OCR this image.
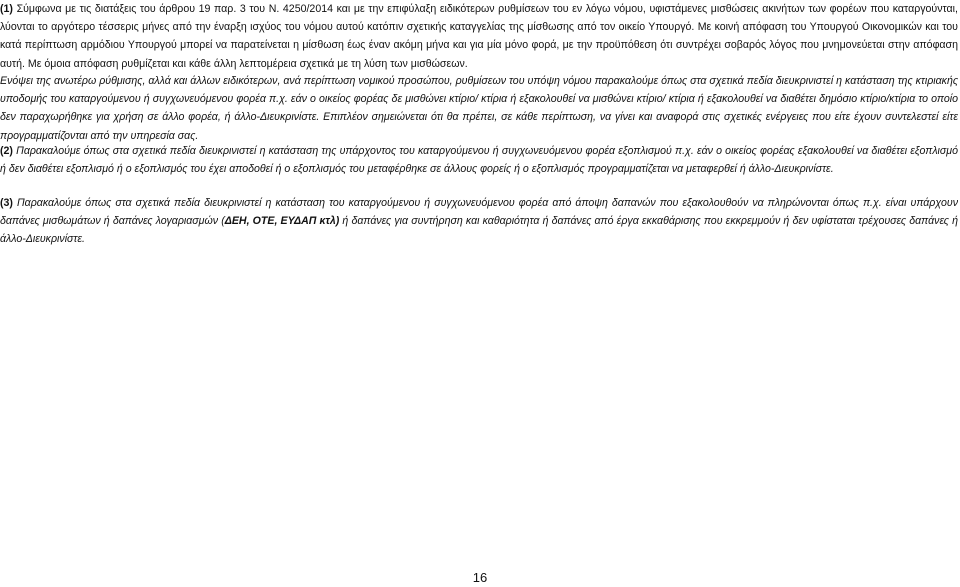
(1) Σύμφωνα με τις διατάξεις του άρθρου 19 παρ. 3 του Ν. 4250/2014 και με την επιφύλαξη ειδικότερων ρυθμίσεων του εν λόγω νόμου, υφιστάμενες μισθώσεις ακινήτων των φορέων που καταργούνται, λύονται το αργότερο τέσσερις μήνες από την έναρξη ισχύος του νόμου αυτού κατόπιν σχετικής καταγγελίας της μίσθωσης από τον οικείο Υπουργό. Με κοινή απόφαση του Υπουργού Οικονομικών και του κατά περίπτωση αρμόδιου Υπουργού μπορεί να παρατείνεται η μίσθωση έως έναν ακόμη μήνα και για μία μόνο φορά, με την προϋπόθεση ότι συντρέχει σοβαρός λόγος που μνημονεύεται στην απόφαση αυτή. Με όμοια απόφαση ρυθμίζεται και κάθε άλλη λεπτομέρεια σχετικά με τη λύση των μισθώσεων.

Ενόψει της ανωτέρω ρύθμισης, αλλά και άλλων ειδικότερων, ανά περίπτωση νομικού προσώπου, ρυθμίσεων του υπόψη νόμου παρακαλούμε όπως στα σχετικά πεδία διευκρινιστεί η κατάσταση της κτιριακής υποδομής του καταργούμενου ή συγχωνευόμενου φορέα π.χ. εάν ο οικείος φορέας δε μισθώνει κτίριο/ κτίρια ή εξακολουθεί να μισθώνει κτίριο/ κτίρια ή εξακολουθεί να διαθέτει δημόσιο κτίριο/κτίρια το οποίο δεν παραχωρήθηκε για χρήση σε άλλο φορέα, ή άλλο-Διευκρινίστε. Επιπλέον σημειώνεται ότι θα πρέπει, σε κάθε περίπτωση, να γίνει και αναφορά στις σχετικές ενέργειες που είτε έχουν συντελεστεί είτε προγραμματίζονται από την υπηρεσία σας.

(2) Παρακαλούμε όπως στα σχετικά πεδία διευκρινιστεί η κατάσταση της υπάρχοντος του καταργούμενου ή συγχωνευόμενου φορέα εξοπλισμού π.χ. εάν ο οικείος φορέας εξακολουθεί να διαθέτει εξοπλισμό ή δεν διαθέτει εξοπλισμό ή ο εξοπλισμός του έχει αποδοθεί ή ο εξοπλισμός του μεταφέρθηκε σε άλλους φορείς ή ο εξοπλισμός προγραμματίζεται να μεταφερθεί ή άλλο-Διευκρινίστε.

(3) Παρακαλούμε όπως στα σχετικά πεδία διευκρινιστεί η κατάσταση του καταργούμενου ή συγχωνευόμενου φορέα από άποψη δαπανών που εξακολουθούν να πληρώνονται όπως π.χ. είναι υπάρχουν δαπάνες μισθωμάτων ή δαπάνες λογαριασμών (ΔΕΗ, ΟΤΕ, ΕΥΔΑΠ κτλ) ή δαπάνες για συντήρηση και καθαριότητα ή δαπάνες από έργα εκκαθάρισης που εκκρεμμούν ή δεν υφίσταται τρέχουσες δαπάνες ή άλλο-Διευκρινίστε.

16
